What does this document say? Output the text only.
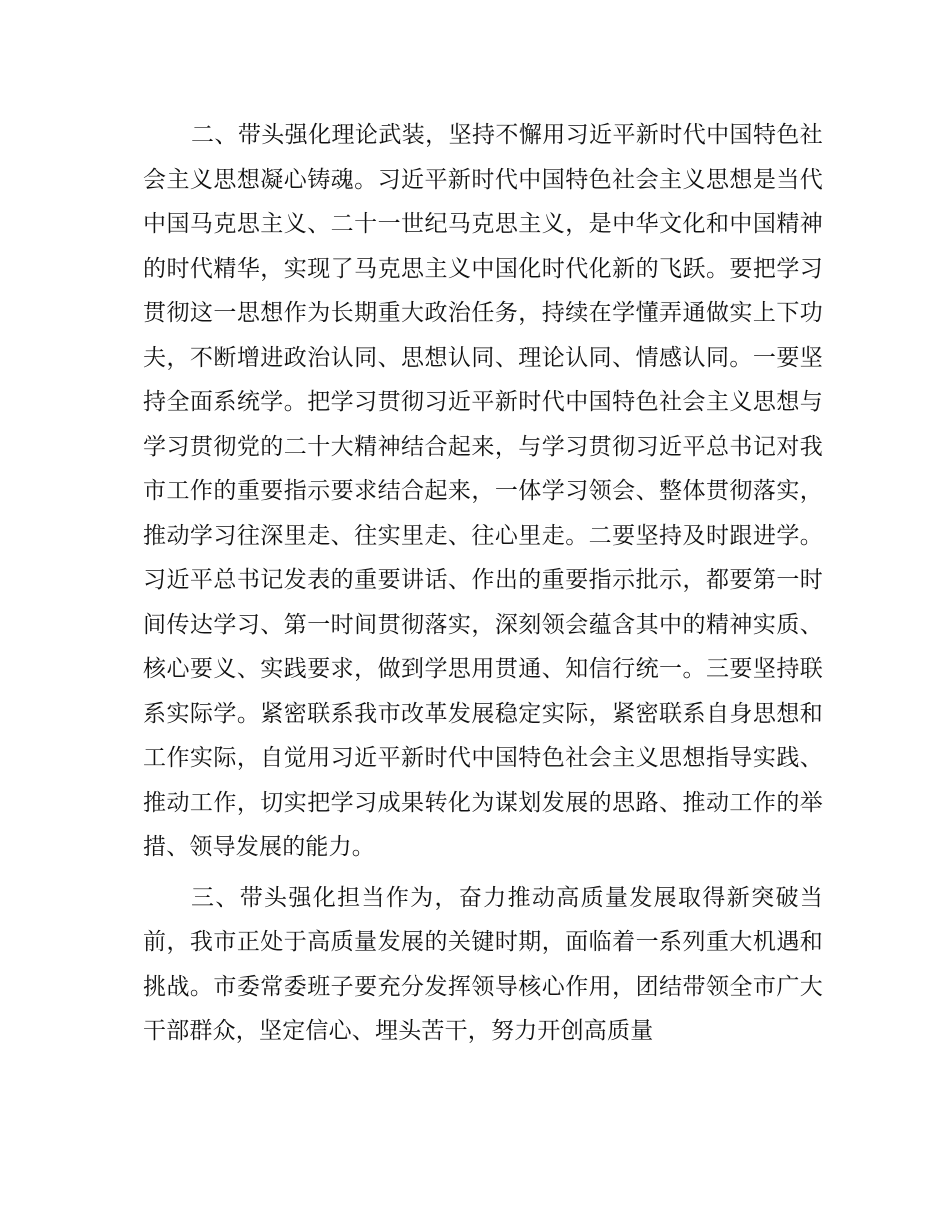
二、带头强化理论武装，坚持不懈用习近平新时代中国特色社会主义思想凝心铸魂。习近平新时代中国特色社会主义思想是当代中国马克思主义、二十一世纪马克思主义，是中华文化和中国精神的时代精华，实现了马克思主义中国化时代化新的飞跃。要把学习贯彻这一思想作为长期重大政治任务，持续在学懂弄通做实上下功夫，不断增进政治认同、思想认同、理论认同、情感认同。一要坚持全面系统学。把学习贯彻习近平新时代中国特色社会主义思想与学习贯彻党的二十大精神结合起来，与学习贯彻习近平总书记对我市工作的重要指示要求结合起来，一体学习领会、整体贯彻落实，推动学习往深里走、往实里走、往心里走。二要坚持及时跟进学。习近平总书记发表的重要讲话、作出的重要指示批示，都要第一时间传达学习、第一时间贯彻落实，深刻领会蕴含其中的精神实质、核心要义、实践要求，做到学思用贯通、知信行统一。三要坚持联系实际学。紧密联系我市改革发展稳定实际，紧密联系自身思想和工作实际，自觉用习近平新时代中国特色社会主义思想指导实践、推动工作，切实把学习成果转化为谋划发展的思路、推动工作的举措、领导发展的能力。

三、带头强化担当作为，奋力推动高质量发展取得新突破当前，我市正处于高质量发展的关键时期，面临着一系列重大机遇和挑战。市委常委班子要充分发挥领导核心作用，团结带领全市广大干部群众，坚定信心、埋头苦干，努力开创高质量
